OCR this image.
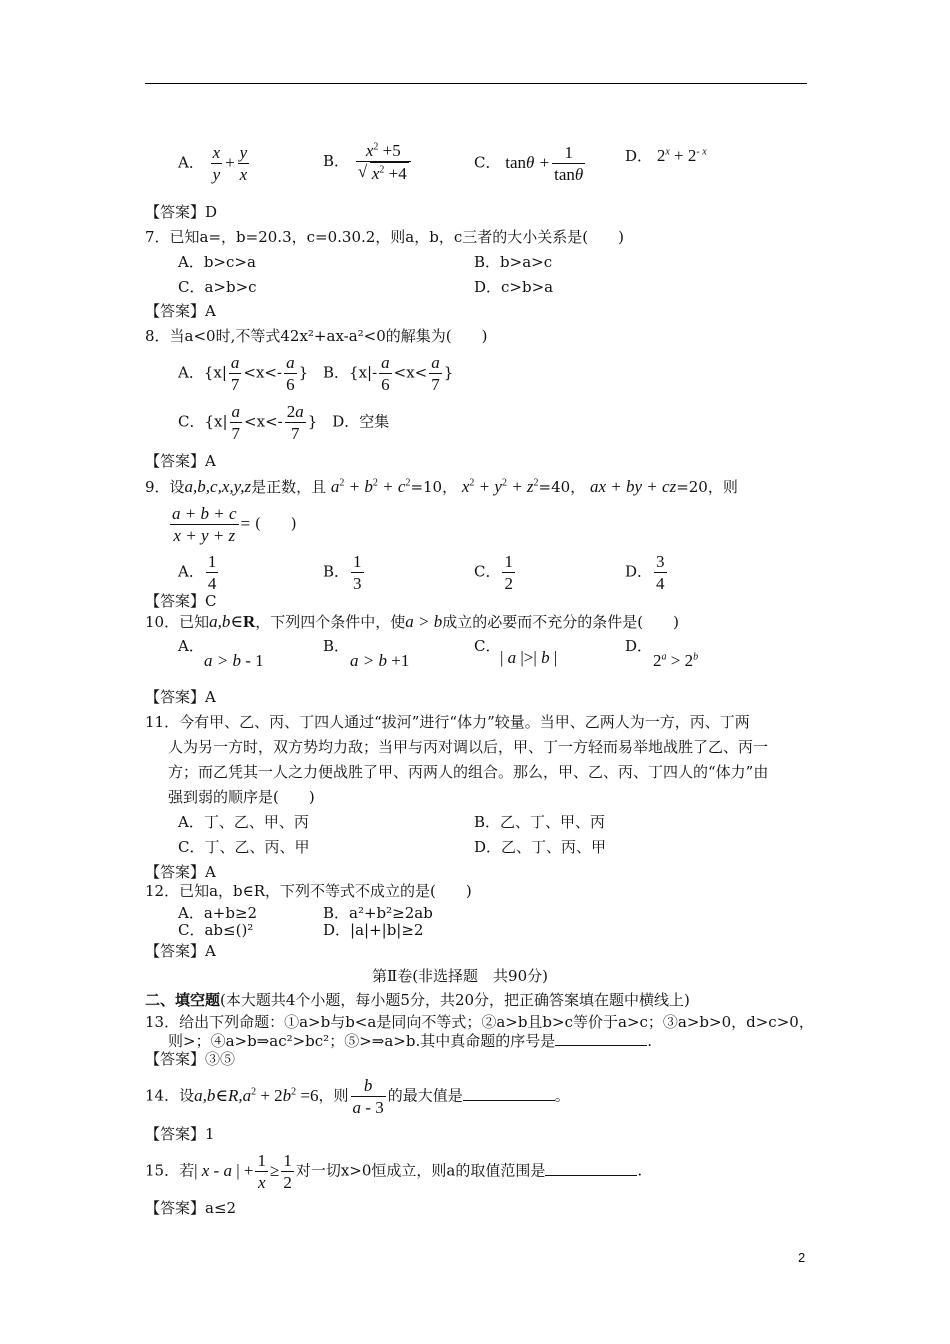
A． $\frac{x}{y} + \frac{y}{x}$	B． $x^2 +5$
√ $x^2 +4$	C． $\tan\theta + \frac{1}{\tan\theta}$	D． $2^x + 2^{- x}$
【答案】D
7．已知a=，b=20.3，c=0.30.2，则a，b，c三者的大小关系是(　　)
A．b>c>a	B．b>a>c
C．a>b>c	D．c>b>a
【答案】A
8．当a<0时,不等式42x²+ax-a²<0的解集为(　　)
A．{$x| \frac{a}{7} <x<- \frac{a}{6}$ } B．{$x|- \frac{a}{6} <x< \frac{a}{7}$ }
C．{$x| \frac{a}{7} <x<- \frac{2a}{7}$ }　D．空集
【答案】A
9．设a,b,c,x,y,z是正数，且 $a^2 + b^2 + c^2=10$， $x^2 + y^2 + z^2=40$， ax + by + cz=20，则
$\frac{a + b + c}{x + y + z}$ = (　　)
A． $\frac{1}{4}$	B． $\frac{1}{3}$	C． $\frac{1}{2}$	D． $\frac{3}{4}$
【答案】C
10．已知a,b∈R，下列四个条件中，使a > b成立的必要而不充分的条件是(　　)
A．
a > b - 1
B．
a > b +1
C．
| a |>| b |
D．
$2^a > 2^b$
【答案】A
11．今有甲、乙、丙、丁四人通过“拔河”进行“体力”较量。当甲、乙两人为一方，丙、丁两
人为另一方时，双方势均力敌；当甲与丙对调以后，甲、丁一方轻而易举地战胜了乙、丙一
方；而乙凭其一人之力便战胜了甲、丙两人的组合。那么，甲、乙、丙、丁四人的“体力”由
强到弱的顺序是(　　)
A．丁、乙、甲、丙	B．乙、丁、甲、丙
C．丁、乙、丙、甲	D．乙、丁、丙、甲
【答案】A
12．已知a，b∈R，下列不等式不成立的是(　　)
A．a+b≥2	B．a²+b²≥2ab
C．ab≤()²	D．|a|+|b|≥2
【答案】A
第Ⅱ卷(非选择题　共90分)
二、填空题(本大题共4个小题，每小题5分，共20分，把正确答案填在题中横线上)
13．给出下列命题：①a>b与b<a是同向不等式；②a>b且b>c等价于a>c；③a>b>0，d>c>0，
则>；④a>b⇒ac²>bc²；⑤>⇒a>b.其中真命题的序号是	.
【答案】③⑤
14．设$a,b\in R,a^2 + 2b^2 =6$，则 $\frac{b}{a - 3}$ 的最大值是	。
【答案】1
15．若| x - a | + $\frac{1}{x} \ge \frac{1}{2}$ 对一切x>0恒成立，则a的取值范围是	.
【答案】a≤2
2
